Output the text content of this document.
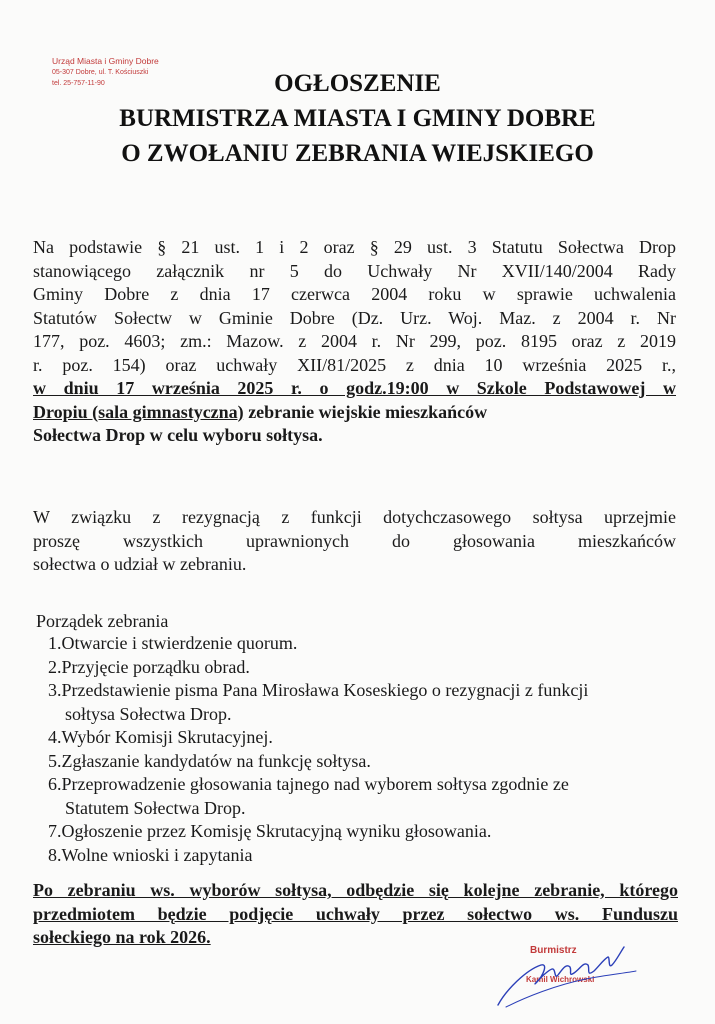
Urząd Miasta i Gminy Dobre
05-307 Dobre, ul. T. Kościuszki
tel. 25-757-11-90	OGŁOSZENIE
BURMISTRZA MIASTA I GMINY DOBRE
O ZWOŁANIU ZEBRANIA WIEJSKIEGO
Na podstawie § 21 ust. 1 i 2 oraz § 29 ust. 3 Statutu Sołectwa Drop
stanowiącego załącznik nr 5 do Uchwały Nr XVII/140/2004 Rady
Gminy Dobre z dnia 17 czerwca 2004 roku w sprawie uchwalenia
Statutów Sołectw w Gminie Dobre (Dz. Urz. Woj. Maz. z 2004 r. Nr
177, poz. 4603; zm.: Mazow. z 2004 r. Nr 299, poz. 8195 oraz z 2019
r. poz. 154) oraz uchwały XII/81/2025 z dnia 10 września 2025 r.,
w dniu 17 września 2025 r. o godz.19:00 w Szkole Podstawowej w
Dropiu (sala gimnastyczna) zebranie wiejskie mieszkańców
Sołectwa Drop w celu wyboru sołtysa.
W związku z rezygnacją z funkcji dotychczasowego sołtysa uprzejmie
proszę wszystkich uprawnionych do głosowania mieszkańców
sołectwa o udział w zebraniu.
Porządek zebrania
1.Otwarcie i stwierdzenie quorum.
2.Przyjęcie porządku obrad.
3.Przedstawienie pisma Pana Mirosława Koseskiego o rezygnacji z funkcji
sołtysa Sołectwa Drop.
4.Wybór Komisji Skrutacyjnej.
5.Zgłaszanie kandydatów na funkcję sołtysa.
6.Przeprowadzenie głosowania tajnego nad wyborem sołtysa zgodnie ze
Statutem Sołectwa Drop.
7.Ogłoszenie przez Komisję Skrutacyjną wyniku głosowania.
8.Wolne wnioski i zapytania
Po zebraniu ws. wyborów sołtysa, odbędzie się kolejne zebranie, którego
przedmiotem będzie podjęcie uchwały przez sołectwo ws. Funduszu
sołeckiego na rok 2026.
Burmistrz
Kamil Wichrowski
